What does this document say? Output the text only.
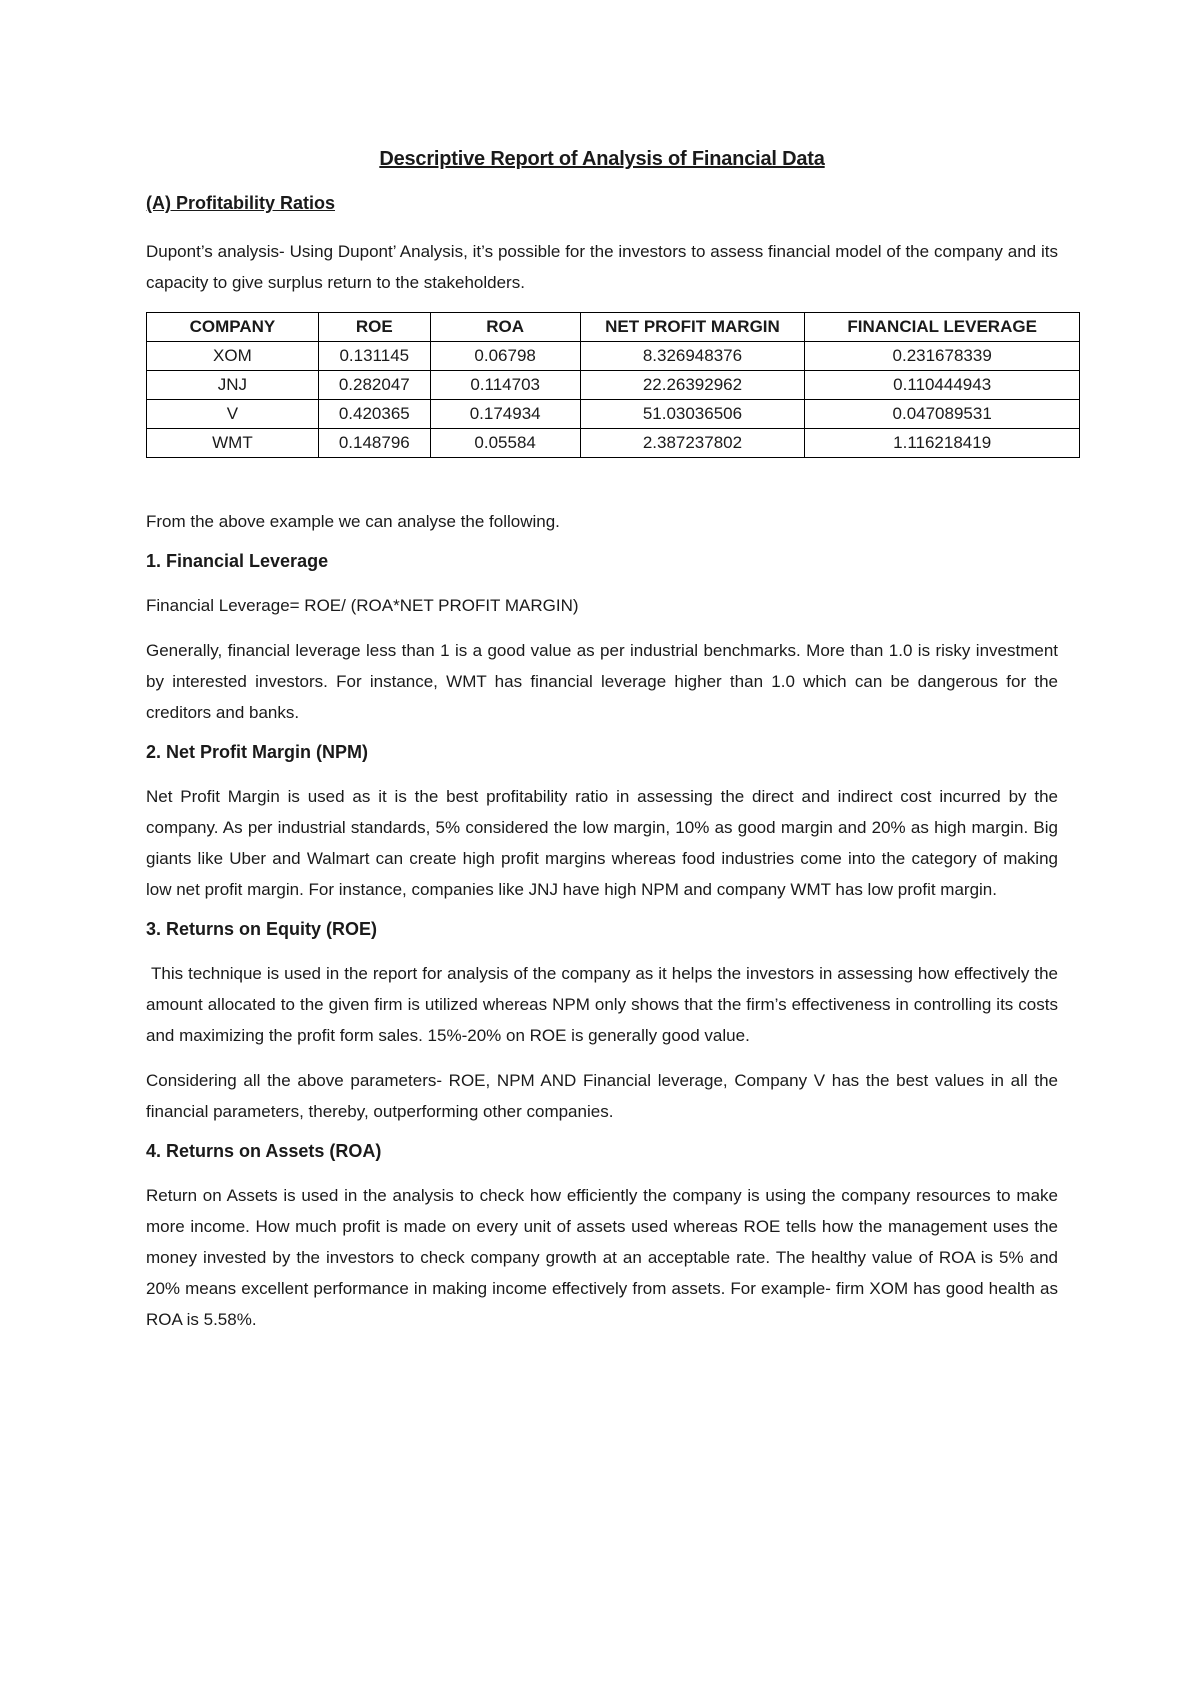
Descriptive Report of Analysis of Financial Data
(A) Profitability Ratios

Dupont’s analysis- Using Dupont’ Analysis, it’s possible for the investors to assess financial model of the company and its capacity to give surplus return to the stakeholders.

COMPANY	ROE	ROA	NET PROFIT MARGIN	FINANCIAL LEVERAGE
XOM	0.131145	0.06798	8.326948376	0.231678339
JNJ	0.282047	0.114703	22.26392962	0.110444943
V	0.420365	0.174934	51.03036506	0.047089531
WMT	0.148796	0.05584	2.387237802	1.116218419

From the above example we can analyse the following.

1. Financial Leverage

Financial Leverage= ROE/ (ROA*NET PROFIT MARGIN)

Generally, financial leverage less than 1 is a good value as per industrial benchmarks. More than 1.0 is risky investment by interested investors. For instance, WMT has financial leverage higher than 1.0 which can be dangerous for the creditors and banks.

2. Net Profit Margin (NPM)

Net Profit Margin is used as it is the best profitability ratio in assessing the direct and indirect cost incurred by the company. As per industrial standards, 5% considered the low margin, 10% as good margin and 20% as high margin. Big giants like Uber and Walmart can create high profit margins whereas food industries come into the category of making low net profit margin. For instance, companies like JNJ have high NPM and company WMT has low profit margin.

3. Returns on Equity (ROE)

This technique is used in the report for analysis of the company as it helps the investors in assessing how effectively the amount allocated to the given firm is utilized whereas NPM only shows that the firm’s effectiveness in controlling its costs and maximizing the profit form sales. 15%-20% on ROE is generally good value.

Considering all the above parameters- ROE, NPM AND Financial leverage, Company V has the best values in all the financial parameters, thereby, outperforming other companies.

4. Returns on Assets (ROA)

Return on Assets is used in the analysis to check how efficiently the company is using the company resources to make more income. How much profit is made on every unit of assets used whereas ROE tells how the management uses the money invested by the investors to check company growth at an acceptable rate. The healthy value of ROA is 5% and 20% means excellent performance in making income effectively from assets. For example- firm XOM has good health as ROA is 5.58%.
